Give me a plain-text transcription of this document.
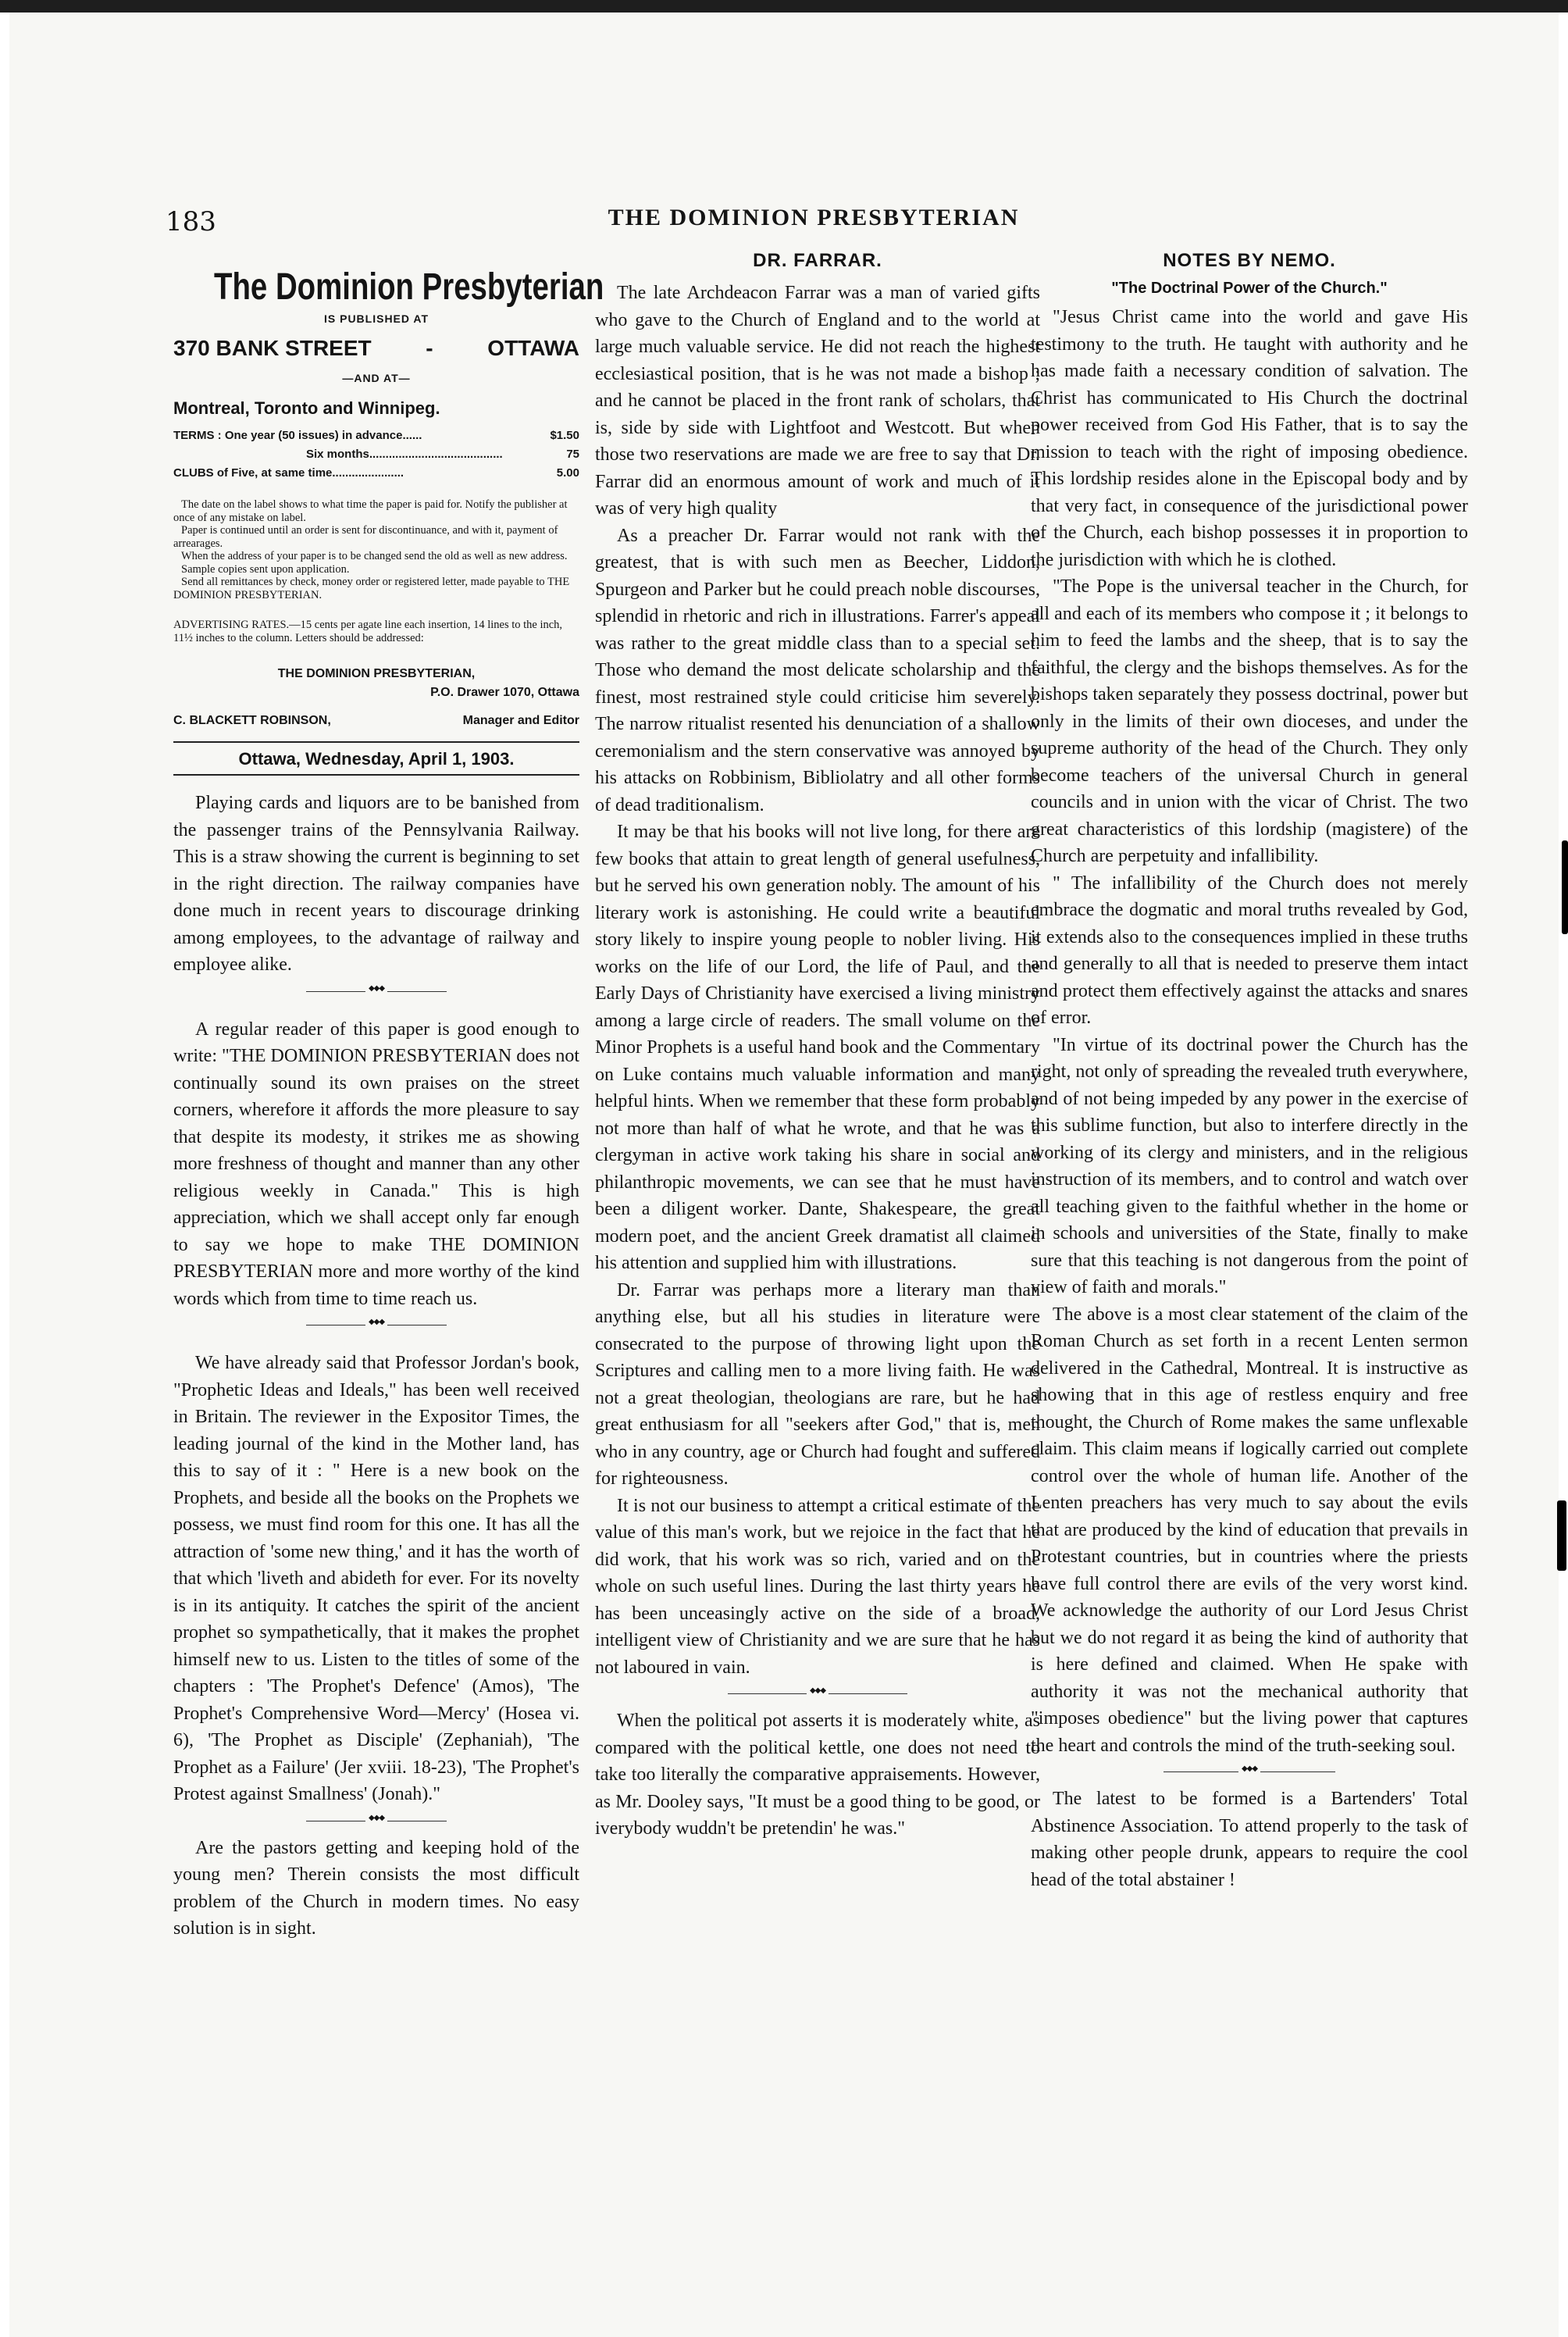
183	THE DOMINION PRESBYTERIAN
The Dominion Presbyterian
IS PUBLISHED AT
370 BANK STREET - OTTAWA
—AND AT—
Montreal, Toronto and Winnipeg.
TERMS : One year (50 issues) in advance......	$1.50
Six months.........................................	75
CLUBS of Five, at same time......................	5.00
The date on the label shows to what time the paper is paid for. Notify the publisher at once of any mistake on label.
Paper is continued until an order is sent for discontinuance, and with it, payment of arrearages.
When the address of your paper is to be changed send the old as well as new address.
Sample copies sent upon application.
Send all remittances by check, money order or registered letter, made payable to THE DOMINION PRESBYTERIAN.
ADVERTISING RATES.—15 cents per agate line each insertion, 14 lines to the inch, 11½ inches to the column. Letters should be addressed:
THE DOMINION PRESBYTERIAN,
P.O. Drawer 1070, Ottawa
C. BLACKETT ROBINSON,	Manager and Editor
Ottawa, Wednesday, April 1, 1903.

Playing cards and liquors are to be banished from the passenger trains of the Pennsylvania Railway. This is a straw showing the current is beginning to set in the right direction. The railway companies have done much in recent years to discourage drinking among employees, to the advantage of railway and employee alike.

◆◆◆

A regular reader of this paper is good enough to write: "THE DOMINION PRESBYTERIAN does not continually sound its own praises on the street corners, wherefore it affords the more pleasure to say that despite its modesty, it strikes me as showing more freshness of thought and manner than any other religious weekly in Canada." This is high appreciation, which we shall accept only far enough to say we hope to make THE DOMINION PRESBYTERIAN more and more worthy of the kind words which from time to time reach us.

◆◆◆

We have already said that Professor Jordan's book, "Prophetic Ideas and Ideals," has been well received in Britain. The reviewer in the Expositor Times, the leading journal of the kind in the Mother land, has this to say of it : " Here is a new book on the Prophets, and beside all the books on the Prophets we possess, we must find room for this one. It has all the attraction of 'some new thing,' and it has the worth of that which 'liveth and abideth for ever. For its novelty is in its antiquity. It catches the spirit of the ancient prophet so sympathetically, that it makes the prophet himself new to us. Listen to the titles of some of the chapters : 'The Prophet's Defence' (Amos), 'The Prophet's Comprehensive Word—Mercy' (Hosea vi. 6), 'The Prophet as Disciple' (Zephaniah), 'The Prophet as a Failure' (Jer xviii. 18-23), 'The Prophet's Protest against Smallness' (Jonah)."

◆◆◆

Are the pastors getting and keeping hold of the young men? Therein consists the most difficult problem of the Church in modern times. No easy solution is in sight.

DR. FARRAR.

The late Archdeacon Farrar was a man of varied gifts who gave to the Church of England and to the world at large much valuable service. He did not reach the highest ecclesiastical position, that is he was not made a bishop ; and he cannot be placed in the front rank of scholars, that is, side by side with Lightfoot and Westcott. But when those two reservations are made we are free to say that Dr. Farrar did an enormous amount of work and much of it was of very high quality

As a preacher Dr. Farrar would not rank with the greatest, that is with such men as Beecher, Liddon, Spurgeon and Parker but he could preach noble discourses, splendid in rhetoric and rich in illustrations. Farrer's appeal was rather to the great middle class than to a special set. Those who demand the most delicate scholarship and the finest, most restrained style could criticise him severely. The narrow ritualist resented his denunciation of a shallow ceremonialism and the stern conservative was annoyed by his attacks on Robbinism, Bibliolatry and all other forms of dead traditionalism.

It may be that his books will not live long, for there are few books that attain to great length of general usefulness, but he served his own generation nobly. The amount of his literary work is astonishing. He could write a beautiful story likely to inspire young people to nobler living. His works on the life of our Lord, the life of Paul, and the Early Days of Christianity have exercised a living ministry among a large circle of readers. The small volume on the Minor Prophets is a useful hand book and the Commentary on Luke contains much valuable information and many helpful hints. When we remember that these form probably not more than half of what he wrote, and that he was a clergyman in active work taking his share in social and philanthropic movements, we can see that he must have been a diligent worker. Dante, Shakespeare, the great modern poet, and the ancient Greek dramatist all claimed his attention and supplied him with illustrations.

Dr. Farrar was perhaps more a literary man than anything else, but all his studies in literature were consecrated to the purpose of throwing light upon the Scriptures and calling men to a more living faith. He was not a great theologian, theologians are rare, but he had great enthusiasm for all "seekers after God," that is, men who in any country, age or Church had fought and suffered for righteousness.

It is not our business to attempt a critical estimate of the value of this man's work, but we rejoice in the fact that he did work, that his work was so rich, varied and on the whole on such useful lines. During the last thirty years he has been unceasingly active on the side of a broad, intelligent view of Christianity and we are sure that he has not laboured in vain.

◆◆◆

When the political pot asserts it is moderately white, as compared with the political kettle, one does not need to take too literally the comparative appraisements. However, as Mr. Dooley says, "It must be a good thing to be good, or iverybody wuddn't be pretendin' he was."

NOTES BY NEMO.
"The Doctrinal Power of the Church."

"Jesus Christ came into the world and gave His testimony to the truth. He taught with authority and he has made faith a necessary condition of salvation. The Christ has communicated to His Church the doctrinal power received from God His Father, that is to say the mission to teach with the right of imposing obedience. This lordship resides alone in the Episcopal body and by that very fact, in consequence of the jurisdictional power of the Church, each bishop possesses it in proportion to the jurisdiction with which he is clothed.

"The Pope is the universal teacher in the Church, for all and each of its members who compose it ; it belongs to him to feed the lambs and the sheep, that is to say the faithful, the clergy and the bishops themselves. As for the bishops taken separately they possess doctrinal, power but only in the limits of their own dioceses, and under the supreme authority of the head of the Church. They only become teachers of the universal Church in general councils and in union with the vicar of Christ. The two great characteristics of this lordship (magistere) of the Church are perpetuity and infallibility.

" The infallibility of the Church does not merely embrace the dogmatic and moral truths revealed by God, it extends also to the consequences implied in these truths and generally to all that is needed to preserve them intact and protect them effectively against the attacks and snares of error.

"In virtue of its doctrinal power the Church has the right, not only of spreading the revealed truth everywhere, and of not being impeded by any power in the exercise of this sublime function, but also to interfere directly in the working of its clergy and ministers, and in the religious instruction of its members, and to control and watch over all teaching given to the faithful whether in the home or in schools and universities of the State, finally to make sure that this teaching is not dangerous from the point of view of faith and morals."

The above is a most clear statement of the claim of the Roman Church as set forth in a recent Lenten sermon delivered in the Cathedral, Montreal. It is instructive as showing that in this age of restless enquiry and free thought, the Church of Rome makes the same unflexable claim. This claim means if logically carried out complete control over the whole of human life. Another of the Lenten preachers has very much to say about the evils that are produced by the kind of education that prevails in Protestant countries, but in countries where the priests have full control there are evils of the very worst kind. We acknowledge the authority of our Lord Jesus Christ but we do not regard it as being the kind of authority that is here defined and claimed. When He spake with authority it was not the mechanical authority that "imposes obedience" but the living power that captures the heart and controls the mind of the truth-seeking soul.

◆◆◆

The latest to be formed is a Bartenders' Total Abstinence Association. To attend properly to the task of making other people drunk, appears to require the cool head of the total abstainer !
